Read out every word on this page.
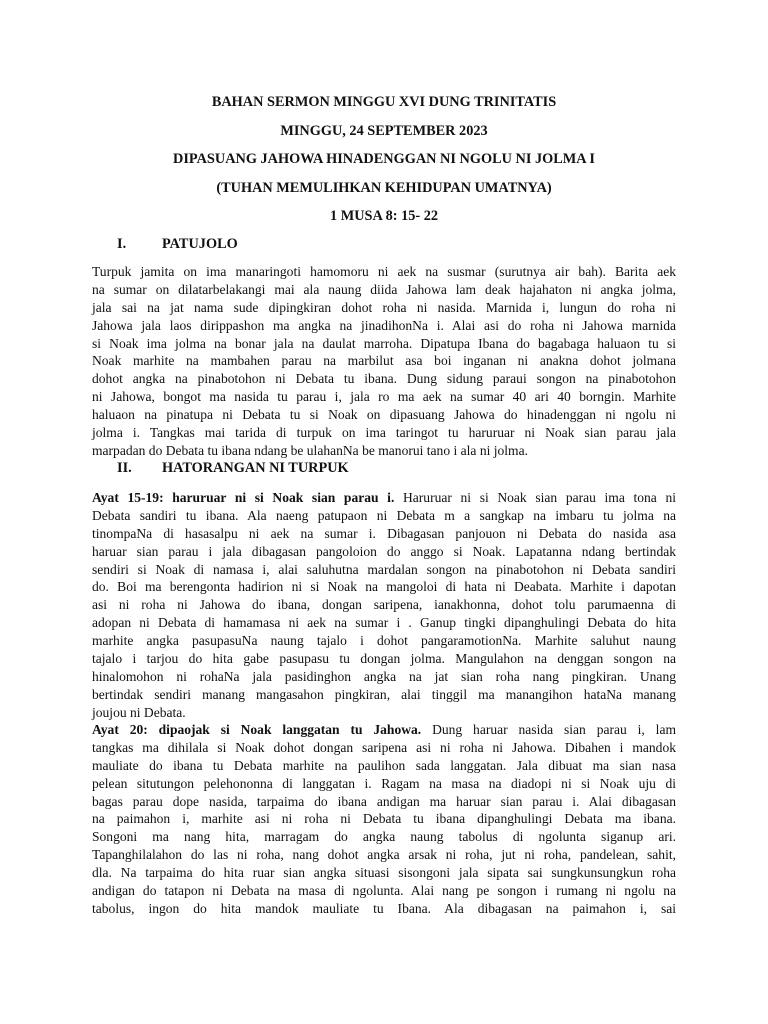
BAHAN SERMON MINGGU XVI DUNG TRINITATIS
MINGGU, 24 SEPTEMBER 2023
DIPASUANG JAHOWA HINADENGGAN NI NGOLU NI JOLMA I
(TUHAN MEMULIHKAN KEHIDUPAN UMATNYA)
1 MUSA 8: 15- 22
I.	PATUJOLO
Turpuk jamita on ima manaringoti hamomoru ni aek na susmar (surutnya air bah). Barita aek
na sumar on dilatarbelakangi mai ala naung diida Jahowa lam deak hajahaton ni angka jolma,
jala sai na jat nama sude dipingkiran dohot roha ni nasida. Marnida i, lungun do roha ni
Jahowa jala laos dirippashon ma angka na jinadihonNa i. Alai asi do roha ni Jahowa marnida
si Noak ima jolma na bonar jala na daulat marroha. Dipatupa Ibana do bagabaga haluaon tu si
Noak marhite na mambahen parau na marbilut asa boi inganan ni anakna dohot jolmana
dohot angka na pinabotohon ni Debata tu ibana. Dung sidung paraui songon na pinabotohon
ni Jahowa, bongot ma nasida tu parau i, jala ro ma aek na sumar 40 ari 40 borngin. Marhite
haluaon na pinatupa ni Debata tu si Noak on dipasuang Jahowa do hinadenggan ni ngolu ni
jolma i. Tangkas mai tarida di turpuk on ima taringot tu haruruar ni Noak sian parau jala
marpadan do Debata tu ibana ndang be ulahanNa be manorui tano i ala ni jolma.
II. HATORANGAN NI TURPUK
Ayat 15-19: haruruar ni si Noak sian parau i. Haruruar ni si Noak sian parau ima tona ni
Debata sandiri tu ibana. Ala naeng patupaon ni Debata m a sangkap na imbaru tu jolma na
tinompaNa di hasasalpu ni aek na sumar i. Dibagasan panjouon ni Debata do nasida asa
haruar sian parau i jala dibagasan pangoloion do anggo si Noak. Lapatanna ndang bertindak
sendiri si Noak di namasa i, alai saluhutna mardalan songon na pinabotohon ni Debata sandiri
do. Boi ma berengonta hadirion ni si Noak na mangoloi di hata ni Deabata. Marhite i dapotan
asi ni roha ni Jahowa do ibana, dongan saripena, ianakhonna, dohot tolu parumaenna di
adopan ni Debata di hamamasa ni aek na sumar i . Ganup tingki dipanghulingi Debata do hita
marhite angka pasupasuNa naung tajalo i dohot pangaramotionNa. Marhite saluhut naung
tajalo i tarjou do hita gabe pasupasu tu dongan jolma. Mangulahon na denggan songon na
hinalomohon ni rohaNa jala pasidinghon angka na jat sian roha nang pingkiran. Unang
bertindak sendiri manang mangasahon pingkiran, alai tinggil ma manangihon hataNa manang
joujou ni Debata.
Ayat 20: dipaojak si Noak langgatan tu Jahowa. Dung haruar nasida sian parau i, lam
tangkas ma dihilala si Noak dohot dongan saripena asi ni roha ni Jahowa. Dibahen i mandok
mauliate do ibana tu Debata marhite na paulihon sada langgatan. Jala dibuat ma sian nasa
pelean situtungon pelehononna di langgatan i. Ragam na masa na diadopi ni si Noak uju di
bagas parau dope nasida, tarpaima do ibana andigan ma haruar sian parau i. Alai dibagasan
na paimahon i, marhite asi ni roha ni Debata tu ibana dipanghulingi Debata ma ibana.
Songoni ma nang hita, marragam do angka naung tabolus di ngolunta siganup ari.
Tapanghilalahon do las ni roha, nang dohot angka arsak ni roha, jut ni roha, pandelean, sahit,
dla. Na tarpaima do hita ruar sian angka situasi sisongoni jala sipata sai sungkunsungkun roha
andigan do tatapon ni Debata na masa di ngolunta. Alai nang pe songon i rumang ni ngolu na
tabolus, ingon do hita mandok mauliate tu Ibana. Ala dibagasan na paimahon i, sai
